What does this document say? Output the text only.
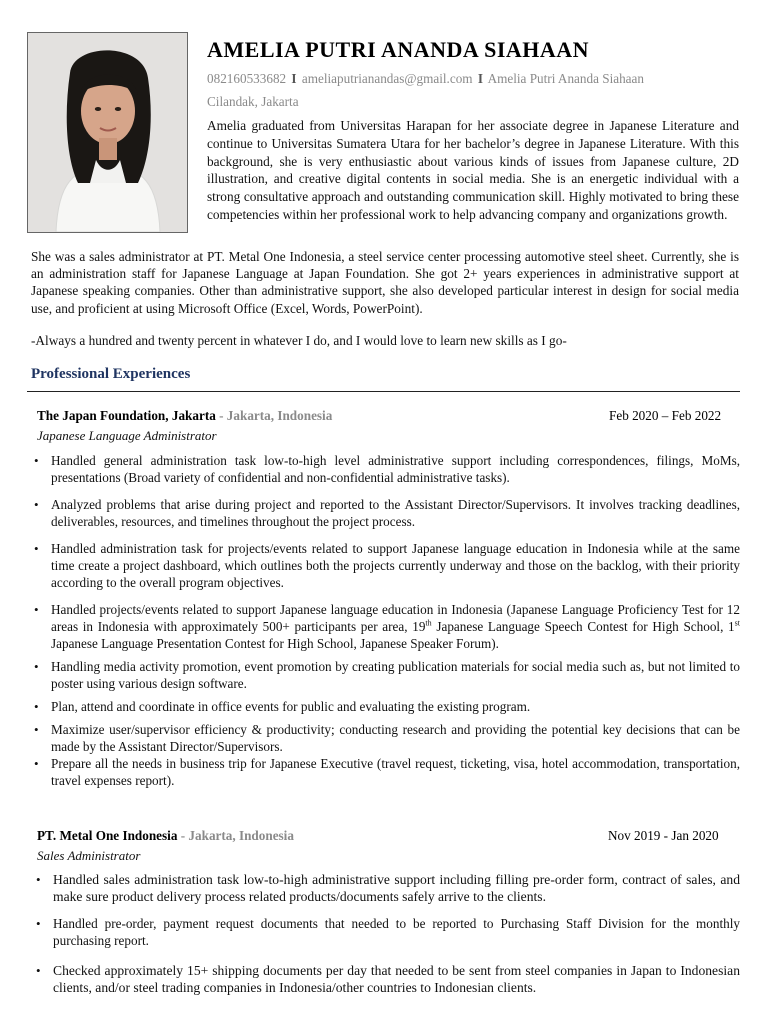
AMELIA PUTRI ANANDA SIAHAAN
082160533682 I ameliaputrianandas@gmail.com I Amelia Putri Ananda Siahaan
Cilandak, Jakarta

Amelia graduated from Universitas Harapan for her associate degree in Japanese Literature and continue to Universitas Sumatera Utara for her bachelor’s degree in Japanese Literature. With this background, she is very enthusiastic about various kinds of issues from Japanese culture, 2D illustration, and creative digital contents in social media. She is an energetic individual with a strong consultative approach and outstanding communication skill. Highly motivated to bring these competencies within her professional work to help advancing company and organizations growth.

She was a sales administrator at PT. Metal One Indonesia, a steel service center processing automotive steel sheet. Currently, she is an administration staff for Japanese Language at Japan Foundation. She got 2+ years experiences in administrative support at Japanese speaking companies. Other than administrative support, she also developed particular interest in design for social media use, and proficient at using Microsoft Office (Excel, Words, PowerPoint).

-Always a hundred and twenty percent in whatever I do, and I would love to learn new skills as I go-

Professional Experiences
The Japan Foundation, Jakarta - Jakarta, Indonesia	Feb 2020 – Feb 2022
Japanese Language Administrator
• Handled general administration task low-to-high level administrative support including correspondences, filings, MoMs, presentations (Broad variety of confidential and non-confidential administrative tasks).
• Analyzed problems that arise during project and reported to the Assistant Director/Supervisors. It involves tracking deadlines, deliverables, resources, and timelines throughout the project process.
• Handled administration task for projects/events related to support Japanese language education in Indonesia while at the same time create a project dashboard, which outlines both the projects currently underway and those on the backlog, with their priority according to the overall program objectives.
• Handled projects/events related to support Japanese language education in Indonesia (Japanese Language Proficiency Test for 12 areas in Indonesia with approximately 500+ participants per area, 19th Japanese Language Speech Contest for High School, 1st Japanese Language Presentation Contest for High School, Japanese Speaker Forum).
• Handling media activity promotion, event promotion by creating publication materials for social media such as, but not limited to poster using various design software.
• Plan, attend and coordinate in office events for public and evaluating the existing program.
• Maximize user/supervisor efficiency & productivity; conducting research and providing the potential key decisions that can be made by the Assistant Director/Supervisors.
• Prepare all the needs in business trip for Japanese Executive (travel request, ticketing, visa, hotel accommodation, transportation, travel expenses report).
PT. Metal One Indonesia - Jakarta, Indonesia	Nov 2019 - Jan 2020
Sales Administrator
• Handled sales administration task low-to-high administrative support including filling pre-order form, contract of sales, and make sure product delivery process related products/documents safely arrive to the clients.
• Handled pre-order, payment request documents that needed to be reported to Purchasing Staff Division for the monthly purchasing report.
• Checked approximately 15+ shipping documents per day that needed to be sent from steel companies in Japan to Indonesian clients, and/or steel trading companies in Indonesia/other countries to Indonesian clients.
